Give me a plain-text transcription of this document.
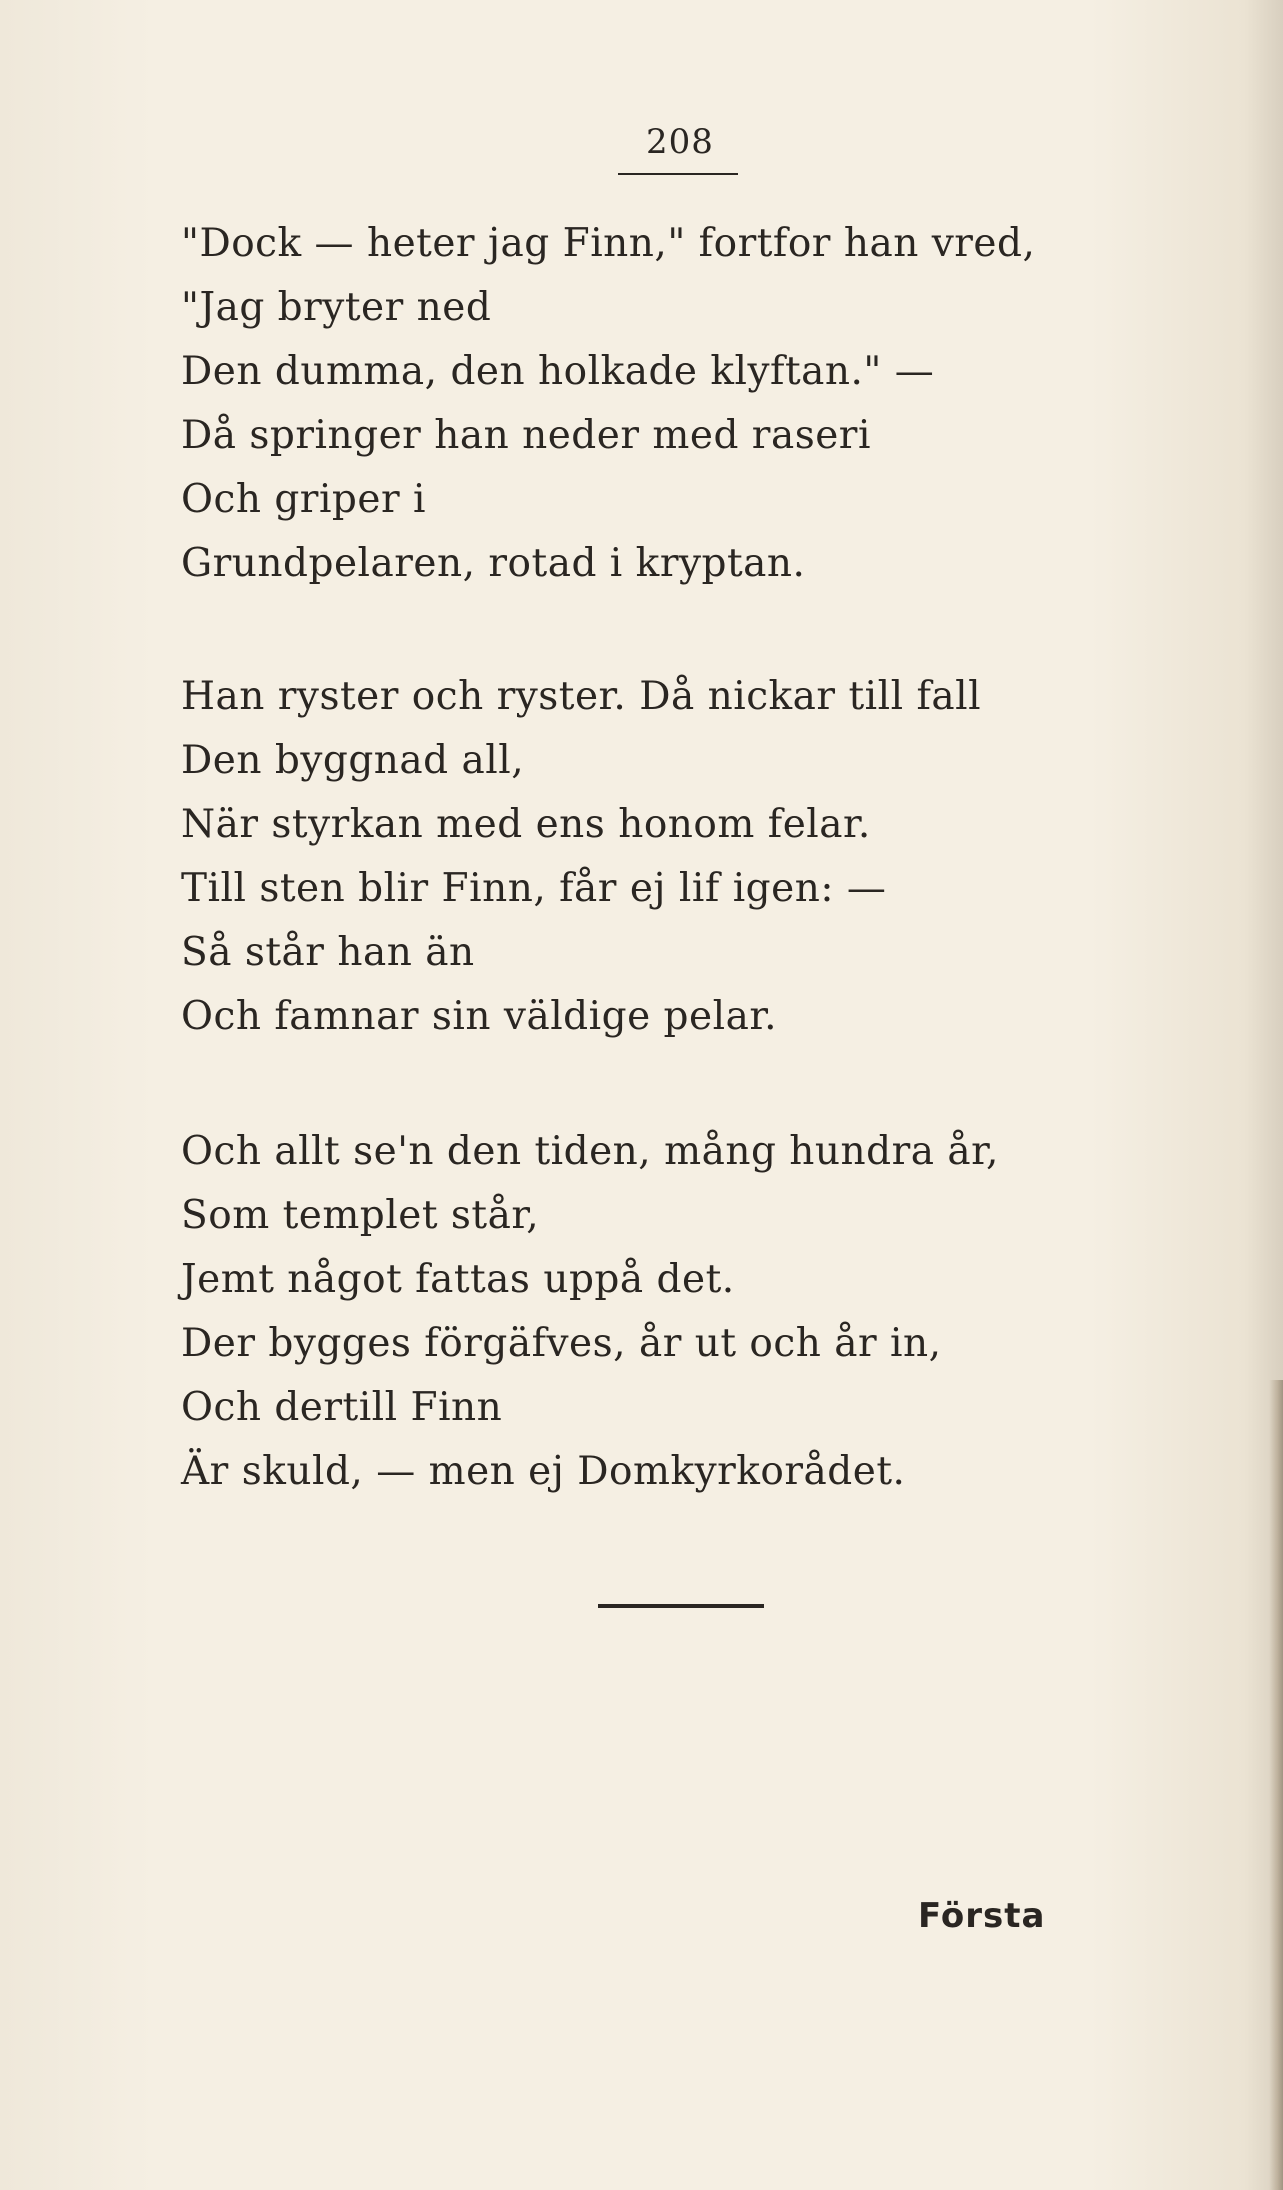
208
"Dock — heter jag Finn," fortfor han vred,
"Jag bryter ned
Den dumma, den holkade klyftan." —
Då springer han neder med raseri
Och griper i
Grundpelaren, rotad i kryptan.
Han ryster och ryster. Då nickar till fall
Den byggnad all,
När styrkan med ens honom felar.
Till sten blir Finn, får ej lif igen: —
Så står han än
Och famnar sin väldige pelar.
Och allt se'n den tiden, mång hundra år,
Som templet står,
Jemt något fattas uppå det.
Der bygges förgäfves, år ut och år in,
Och dertill Finn
Är skuld, — men ej Domkyrkorådet.
Första
